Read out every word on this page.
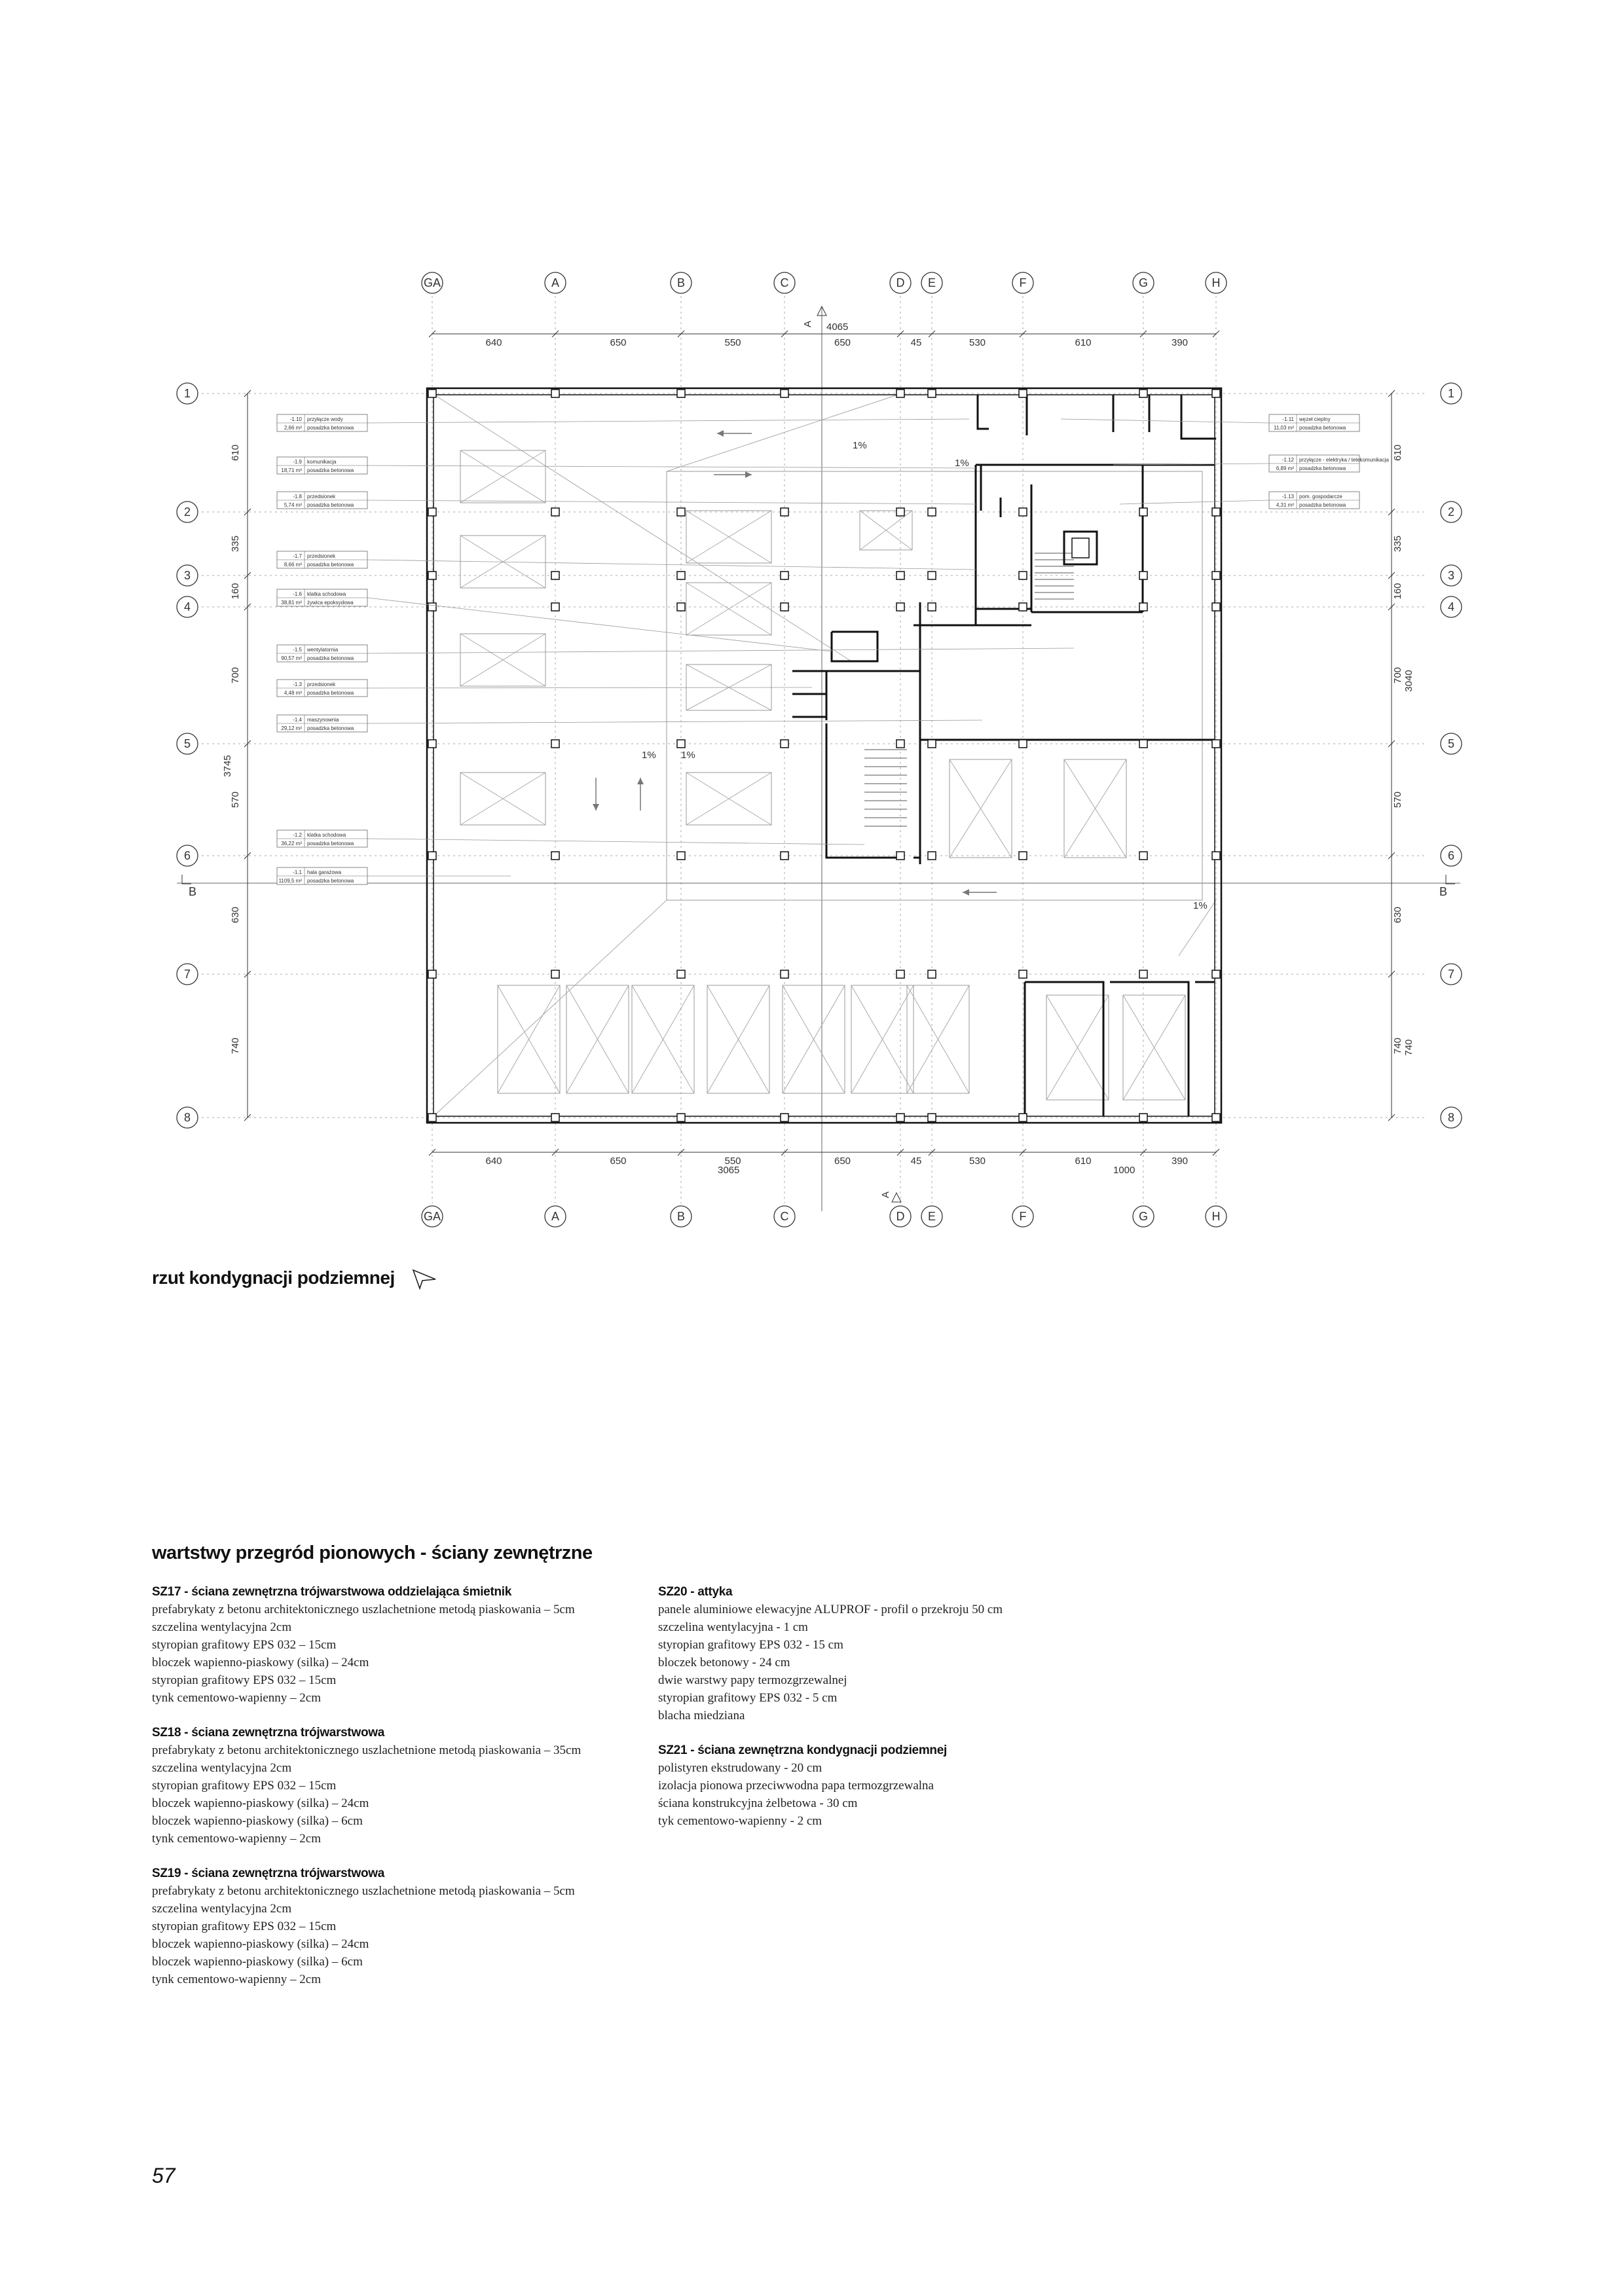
640	650	550	650	45	530	610	390
640	650	550	650	45	530	610	390
4065
3065	1000
610
335
160
700
570
630
740
610
335
160
700
570
630
740
3745
3040
740
A
A
B	B
1%
1%
1%	1%
1%
-1.10 przyłącze wody
2,66 m² posadzka betonowa
-1.9 komunikacja
18,71 m² posadzka betonowa
-1.8 przedsionek
5,74 m² posadzka betonowa
-1.7 przedsionek
8,66 m² posadzka betonowa
-1.6 klatka schodowa
38,81 m² żywica epoksydowa
-1.5 wentylatornia
90,57 m² posadzka betonowa
-1.3 przedsionek
4,48 m² posadzka betonowa
-1.4 maszynownia
29,12 m² posadzka betonowa
-1.2 klatka schodowa
36,22 m² posadzka betonowa
-1.1 hala garażowa
1109,5 m² posadzka betonowa
-1.11 węzeł cieplny
11,03 m² posadzka betonowa
-1.12 przyłącze - elektryka / telekomunikacja
6,89 m² posadzka betonowa
-1.13 pom. gospodarcze
4,31 m² posadzka betonowa
GA
GA
A
A
B
B
C
C
D
D
E
E
F
F
G
G
H
H
1	1
2	2
3	3
4	4
5	5
6	6
7	7
8	8
rzut kondygnacji podziemnej
wartstwy przegród pionowych - ściany zewnętrzne
SZ17 - ściana zewnętrzna trójwarstwowa oddzielająca śmietnik
prefabrykaty z betonu architektonicznego uszlachetnione metodą piaskowania – 5cm
szczelina wentylacyjna 2cm
styropian grafitowy EPS 032 – 15cm
bloczek wapienno-piaskowy (silka) – 24cm
styropian grafitowy EPS 032 – 15cm
tynk cementowo-wapienny – 2cm
SZ18 - ściana zewnętrzna trójwarstwowa
prefabrykaty z betonu architektonicznego uszlachetnione metodą piaskowania – 35cm
szczelina wentylacyjna 2cm
styropian grafitowy EPS 032 – 15cm
bloczek wapienno-piaskowy (silka) – 24cm
bloczek wapienno-piaskowy (silka) – 6cm
tynk cementowo-wapienny – 2cm
SZ19 - ściana zewnętrzna trójwarstwowa
prefabrykaty z betonu architektonicznego uszlachetnione metodą piaskowania – 5cm
szczelina wentylacyjna 2cm
styropian grafitowy EPS 032 – 15cm
bloczek wapienno-piaskowy (silka) – 24cm
bloczek wapienno-piaskowy (silka) – 6cm
tynk cementowo-wapienny – 2cm
SZ20 - attyka
panele aluminiowe elewacyjne ALUPROF - profil o przekroju 50 cm
szczelina wentylacyjna - 1 cm
styropian grafitowy EPS 032 - 15 cm
bloczek betonowy - 24 cm
dwie warstwy papy termozgrzewalnej
styropian grafitowy EPS 032 - 5 cm
blacha miedziana
SZ21 - ściana zewnętrzna kondygnacji podziemnej
polistyren ekstrudowany - 20 cm
izolacja pionowa przeciwwodna papa termozgrzewalna
ściana konstrukcyjna żelbetowa - 30 cm
tyk cementowo-wapienny - 2 cm
57
